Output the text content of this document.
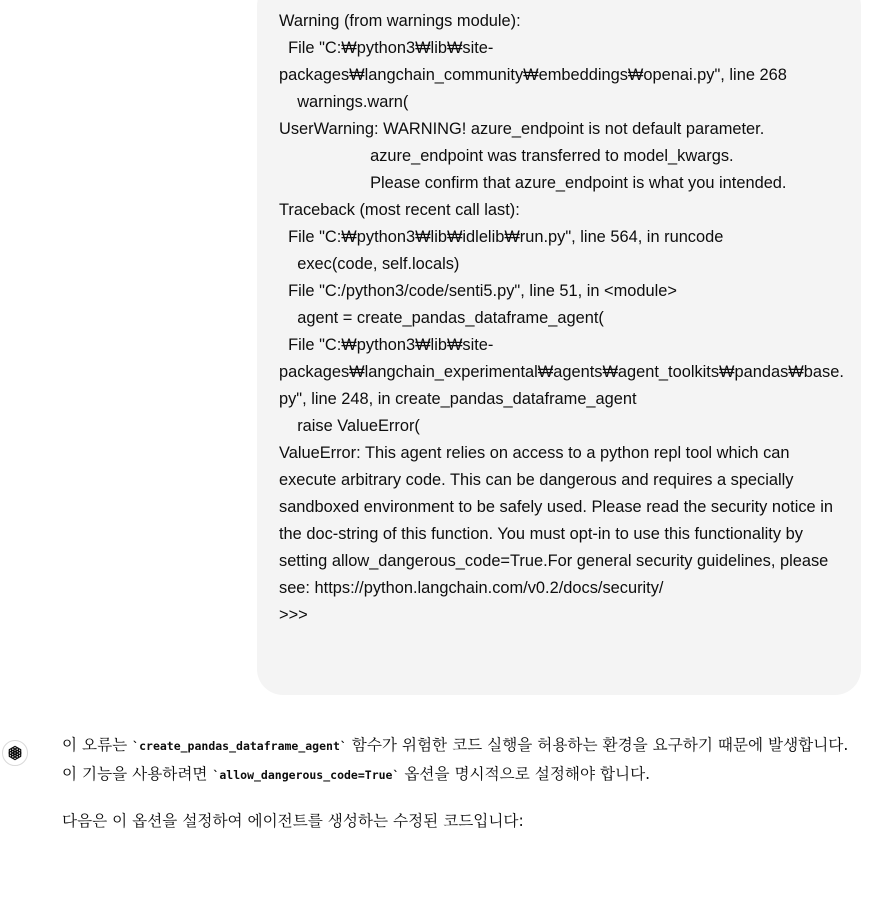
Warning (from warnings module):
File "C:₩python3₩lib₩site-packages₩langchain_community₩embeddings₩openai.py", line 268
warnings.warn(
UserWarning: WARNING! azure_endpoint is not default parameter.
azure_endpoint was transferred to model_kwargs.
Please confirm that azure_endpoint is what you intended.
Traceback (most recent call last):
File "C:₩python3₩lib₩idlelib₩run.py", line 564, in runcode
exec(code, self.locals)
File "C:/python3/code/senti5.py", line 51, in <module>
agent = create_pandas_dataframe_agent(
File "C:₩python3₩lib₩site-packages₩langchain_experimental₩agents₩agent_toolkits₩pandas₩base.py", line 248, in create_pandas_dataframe_agent
raise ValueError(
ValueError: This agent relies on access to a python repl tool which can execute arbitrary code. This can be dangerous and requires a specially sandboxed environment to be safely used. Please read the security notice in the doc-string of this function. You must opt-in to use this functionality by setting allow_dangerous_code=True.For general security guidelines, please see: https://python.langchain.com/v0.2/docs/security/
>>>

이 오류는 `create_pandas_dataframe_agent` 함수가 위험한 코드 실행을 허용하는 환경을 요구하기 때문에 발생합니다. 이 기능을 사용하려면 `allow_dangerous_code=True` 옵션을 명시적으로 설정해야 합니다.

다음은 이 옵션을 설정하여 에이전트를 생성하는 수정된 코드입니다:
